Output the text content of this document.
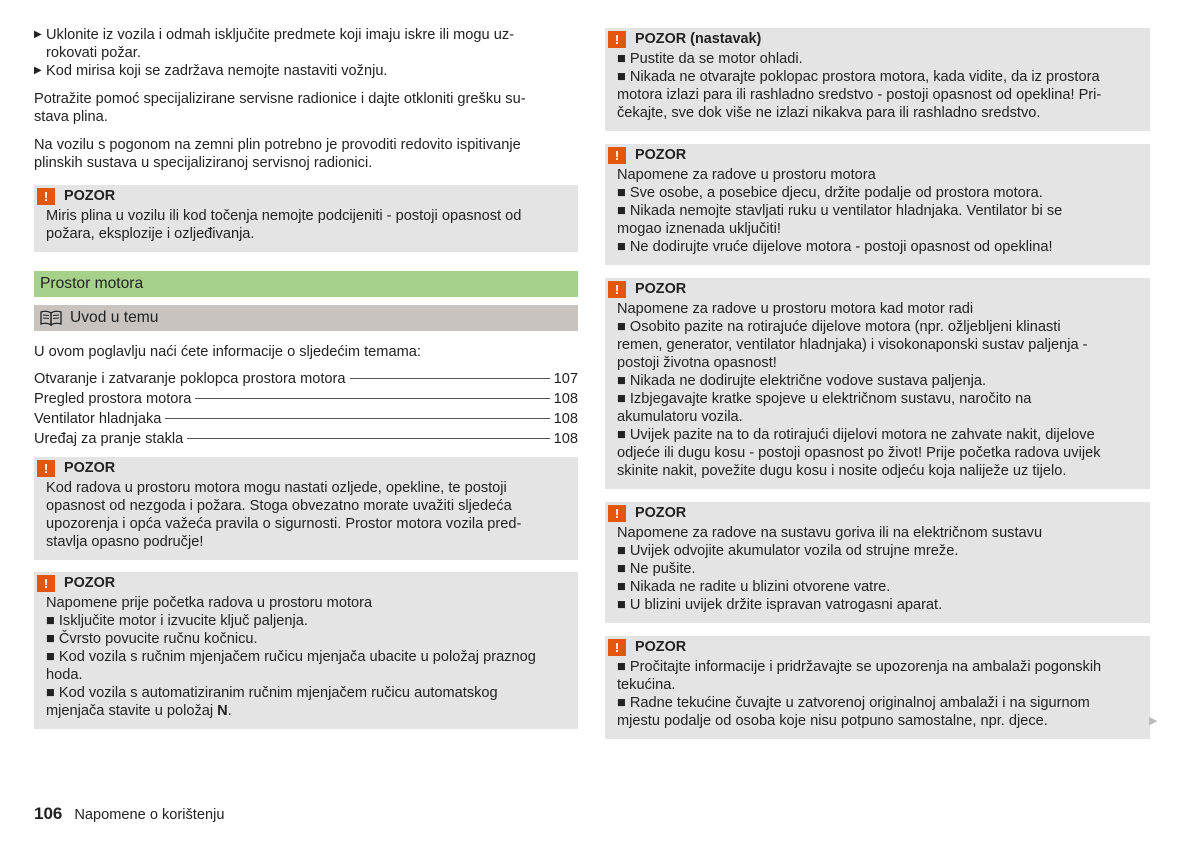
▶ Uklonite iz vozila i odmah isključite predmete koji imaju iskre ili mogu uz-

rokovati požar.

▶ Kod mirisa koji se zadržava nemojte nastaviti vožnju.

Potražite pomoć specijalizirane servisne radionice i dajte otkloniti grešku su-

stava plina.

Na vozilu s pogonom na zemni plin potrebno je provoditi redovito ispitivanje

plinskih sustava u specijaliziranoj servisnoj radionici.

!	POZOR

Miris plina u vozilu ili kod točenja nemojte podcijeniti - postoji opasnost od

požara, eksplozije i ozljeđivanja.

Prostor motora
Uvod u temu

U ovom poglavlju naći ćete informacije o sljedećim temama:

Otvaranje i zatvaranje poklopca prostora motora	107
Pregled prostora motora	108
Ventilator hladnjaka	108
Uređaj za pranje stakla	108
!	POZOR

Kod radova u prostoru motora mogu nastati ozljede, opekline, te postoji

opasnost od nezgoda i požara. Stoga obvezatno morate uvažiti sljedeća

upozorenja i opća važeća pravila o sigurnosti. Prostor motora vozila pred-

stavlja opasno područje!

!	POZOR

Napomene prije početka radova u prostoru motora

■ Isključite motor i izvucite ključ paljenja.

■ Čvrsto povucite ručnu kočnicu.

■ Kod vozila s ručnim mjenjačem ručicu mjenjača ubacite u položaj praznog

hoda.

■ Kod vozila s automatiziranim ručnim mjenjačem ručicu automatskog

mjenjača stavite u položaj N.

!	POZOR (nastavak)

■ Pustite da se motor ohladi.

■ Nikada ne otvarajte poklopac prostora motora, kada vidite, da iz prostora

motora izlazi para ili rashladno sredstvo - postoji opasnost od opeklina! Pri-

čekajte, sve dok više ne izlazi nikakva para ili rashladno sredstvo.

!	POZOR

Napomene za radove u prostoru motora

■ Sve osobe, a posebice djecu, držite podalje od prostora motora.

■ Nikada nemojte stavljati ruku u ventilator hladnjaka. Ventilator bi se

mogao iznenada uključiti!

■ Ne dodirujte vruće dijelove motora - postoji opasnost od opeklina!

!	POZOR

Napomene za radove u prostoru motora kad motor radi

■ Osobito pazite na rotirajuće dijelove motora (npr. ožljebljeni klinasti

remen, generator, ventilator hladnjaka) i visokonaponski sustav paljenja -

postoji životna opasnost!

■ Nikada ne dodirujte električne vodove sustava paljenja.

■ Izbjegavajte kratke spojeve u električnom sustavu, naročito na

akumulatoru vozila.

■ Uvijek pazite na to da rotirajući dijelovi motora ne zahvate nakit, dijelove

odjeće ili dugu kosu - postoji opasnost po život! Prije početka radova uvijek

skinite nakit, povežite dugu kosu i nosite odjeću koja naliježe uz tijelo.

!	POZOR

Napomene za radove na sustavu goriva ili na električnom sustavu

■ Uvijek odvojite akumulator vozila od strujne mreže.

■ Ne pušite.

■ Nikada ne radite u blizini otvorene vatre.

■ U blizini uvijek držite ispravan vatrogasni aparat.

!	POZOR

■ Pročitajte informacije i pridržavajte se upozorenja na ambalaži pogonskih

tekućina.

■ Radne tekućine čuvajte u zatvorenoj originalnoj ambalaži i na sigurnom

mjestu podalje od osoba koje nisu potpuno samostalne, npr. djece.	▶
106 Napomene o korištenju
